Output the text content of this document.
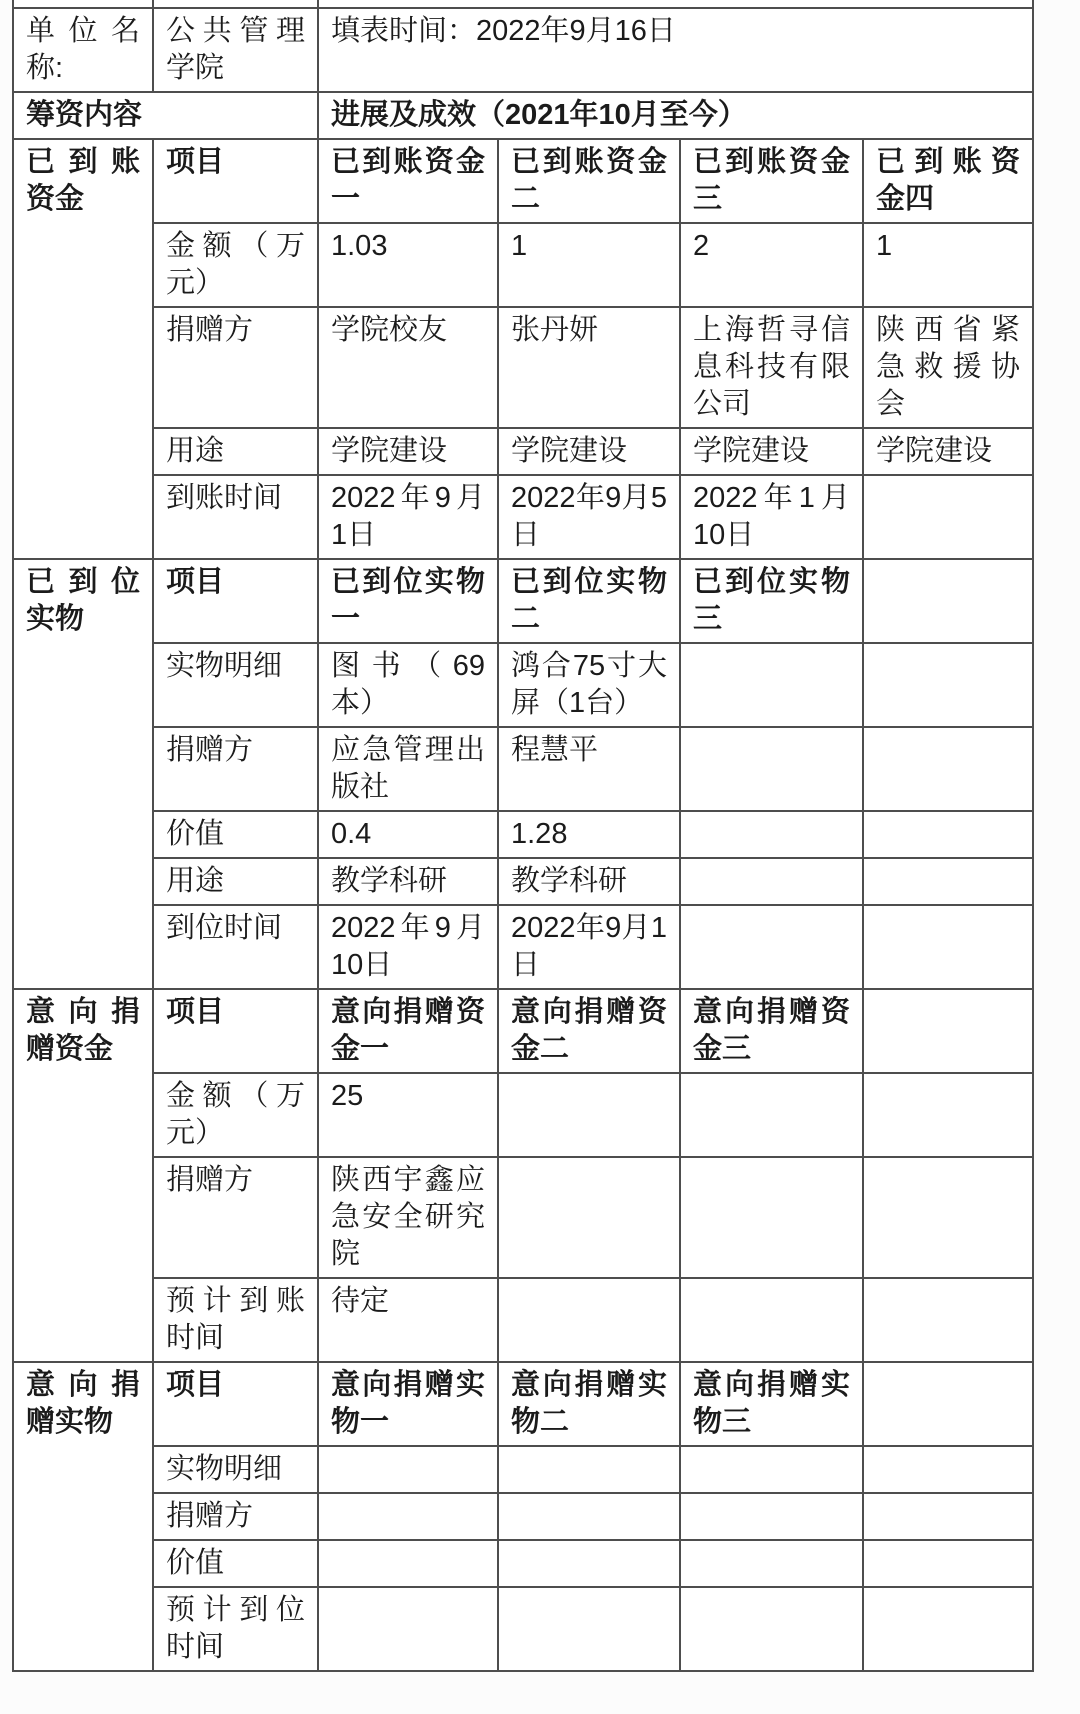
单位名称:	公共管理学院	填表时间：2022年9月16日			
筹资内容		进展及成效（2021年10月至今）			
已到账资金	项目	已到账资金一	已到账资金二	已到账资金三	已到账资金四
	金额（万元）	1.03	1	2	1
	捐赠方	学院校友	张丹妍	上海哲寻信息科技有限公司	陕西省紧急救援协会
	用途	学院建设	学院建设	学院建设	学院建设
	到账时间	2022年9月1日	2022年9月5日	2022年1月10日	
已到位实物	项目	已到位实物一	已到位实物二	已到位实物三	
	实物明细	图书（69本）	鸿合75寸大屏（1台）		
	捐赠方	应急管理出版社	程慧平		
	价值	0.4	1.28		
	用途	教学科研	教学科研		
	到位时间	2022年9月10日	2022年9月1日		
意向捐赠资金	项目	意向捐赠资金一	意向捐赠资金二	意向捐赠资金三	
	金额（万元）	25			
	捐赠方	陕西宇鑫应急安全研究院			
	预计到账时间	待定			
意向捐赠实物	项目	意向捐赠实物一	意向捐赠实物二	意向捐赠实物三	
	实物明细				
	捐赠方				
	价值				
	预计到位时间				
